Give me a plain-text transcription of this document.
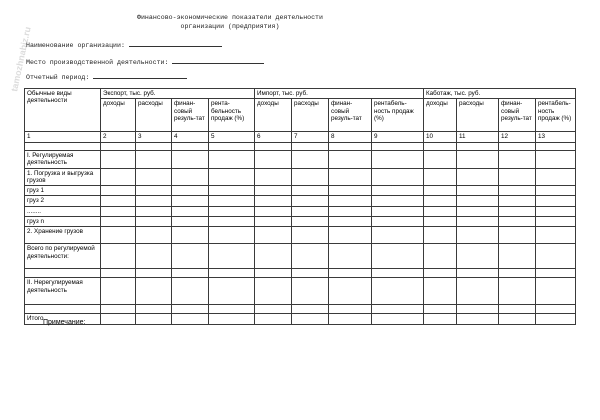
tamozhnabiz.ru
Финансово-экономические показатели деятельности
организации (предприятия)
Наименование организации:
Место производственной деятельности:
Отчетный период:
Обычные виды деятельности	Экспорт, тыс. руб.				Импорт, тыс. руб.				Каботаж, тыс. руб.			
	доходы	расходы	финан-совый резуль-тат	рента-бельность продаж (%)	доходы	расходы	финан-совый резуль-тат	рентабель-ность продаж (%)	доходы	расходы	финан-совый резуль-тат	рентабель-ность продаж (%)
1	2	3	4	5	6	7	8	9	10	11	12	13

I. Регулируемая деятельность												
1. Погрузка и выгрузка грузов												
груз 1												
груз 2												
........												
груз n												
2. Хранение грузов												
Всего по регулируемой деятельности:												

II. Нерегулируемая деятельность												

Итого												
Примечание:
